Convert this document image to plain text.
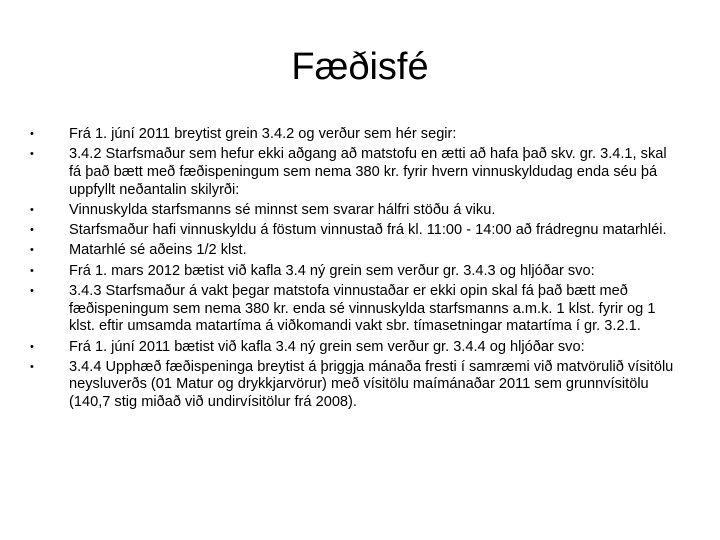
Fæðisfé
•	Frá 1. júní 2011 breytist grein 3.4.2 og verður sem hér segir:
•	3.4.2 Starfsmaður sem hefur ekki aðgang að matstofu en ætti að hafa það skv. gr. 3.4.1, skal fá það bætt með fæðispeningum sem nema 380 kr. fyrir hvern vinnuskyldudag enda séu þá uppfyllt neðantalin skilyrði:
•	Vinnuskylda starfsmanns sé minnst sem svarar hálfri stöðu á viku.
•	Starfsmaður hafi vinnuskyldu á föstum vinnustað frá kl. 11:00 - 14:00 að frádregnu matarhléi.
•	Matarhlé sé aðeins 1/2 klst.
•	Frá 1. mars 2012 bætist við kafla 3.4 ný grein sem verður gr. 3.4.3 og hljóðar svo:
•	3.4.3 Starfsmaður á vakt þegar matstofa vinnustaðar er ekki opin skal fá það bætt með fæðispeningum sem nema 380 kr. enda sé vinnuskylda starfsmanns a.m.k. 1 klst. fyrir og 1 klst. eftir umsamda matartíma á viðkomandi vakt sbr. tímasetningar matartíma í gr. 3.2.1.
•	Frá 1. júní 2011 bætist við kafla 3.4 ný grein sem verður gr. 3.4.4 og hljóðar svo:
•	3.4.4 Upphæð fæðispeninga breytist á þriggja mánaða fresti í samræmi við matvörulið vísitölu neysluverðs (01 Matur og drykkjarvörur) með vísitölu maímánaðar 2011 sem grunnvísitölu (140,7 stig miðað við undirvísitölur frá 2008).
